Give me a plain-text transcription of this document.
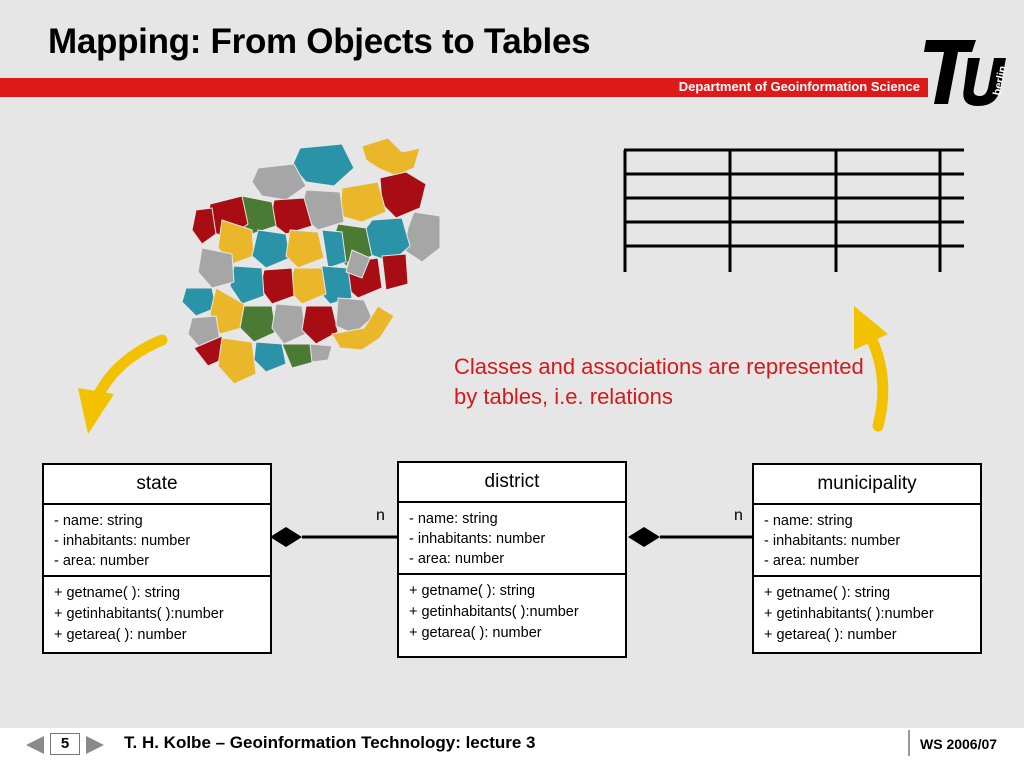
Mapping: From Objects to Tables
Department of Geoinformation Science	berlin
Classes and associations are represented by tables, i.e. relations
n	n
state
- name: string
- inhabitants: number
- area: number
+ getname( ): string
+ getinhabitants( ):number
+ getarea( ): number
district
- name: string
- inhabitants: number
- area: number
+ getname( ): string
+ getinhabitants( ):number
+ getarea( ): number
municipality
- name: string
- inhabitants: number
- area: number
+ getname( ): string
+ getinhabitants( ):number
+ getarea( ): number
5	T. H. Kolbe – Geoinformation Technology: lecture 3	WS 2006/07
